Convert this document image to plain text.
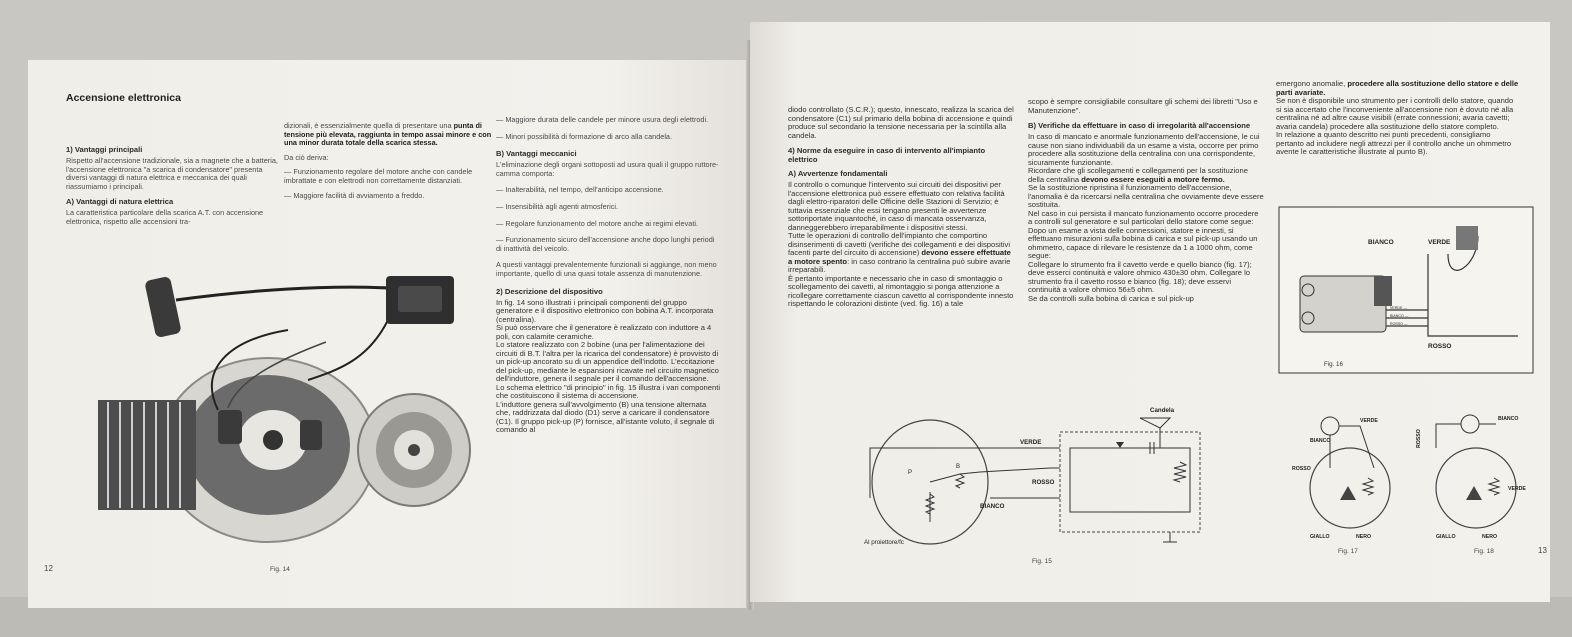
Accensione elettronica
1) Vantaggi principali
Rispetto all'accensione tradizionale, sia a magnete che a batteria, l'accensione elettronica "a scarica di condensatore" presenta diversi vantaggi di natura elettrica e meccanica dei quali riassumiamo i principali.
A) Vantaggi di natura elettrica
La caratteristica particolare della scarica A.T. con accensione elettronica, rispetto alle accensioni tra-
dizionali, è essenzialmente quella di presentare una punta di tensione più elevata, raggiunta in tempo assai minore e con una minor durata totale della scarica stessa.
Da ciò deriva:
— Funzionamento regolare del motore anche con candele imbrattate e con elettrodi non correttamente distanziati.
— Maggiore facilità di avviamento a freddo.
— Maggiore durata delle candele per minore usura degli elettrodi.
— Minori possibilità di formazione di arco alla candela.
B) Vantaggi meccanici
L'eliminazione degli organi sottoposti ad usura quali il gruppo ruttore-camma comporta:
— Inalterabilità, nel tempo, dell'anticipo accensione.
— Insensibilità agli agenti atmosferici.
— Regolare funzionamento del motore anche ai regimi elevati.
— Funzionamento sicuro dell'accensione anche dopo lunghi periodi di inattività del veicolo.
A questi vantaggi prevalentemente funzionali si aggiunge, non meno importante, quello di una quasi totale assenza di manutenzione.
2) Descrizione del dispositivo
In fig. 14 sono illustrati i principali componenti del gruppo generatore e il dispositivo elettronico con bobina A.T. incorporata (centralina).
Si può osservare che il generatore è realizzato con induttore a 4 poli, con calamite ceramiche.
Lo statore realizzato con 2 bobine (una per l'alimentazione dei circuiti di B.T. l'altra per la ricarica del condensatore) è provvisto di un pick-up ancorato su di un appendice dell'indotto. L'eccitazione del pick-up, mediante le espansioni ricavate nel circuito magnetico dell'induttore, genera il segnale per il comando dell'accensione.
Lo schema elettrico "di principio" in fig. 15 illustra i vari componenti che costituiscono il sistema di accensione.
L'induttore genera sull'avvolgimento (B) una tensione alternata che, raddrizzata dal diodo (D1) serve a caricare il condensatore (C1). Il gruppo pick-up (P) fornisce, all'istante voluto, il segnale di comando al
12	Fig. 14
diodo controllato (S.C.R.); questo, innescato, realizza la scarica del condensatore (C1) sul primario della bobina di accensione e quindi produce sul secondario la tensione necessaria per la scintilla alla candela.
4) Norme da eseguire in caso di intervento all'impianto elettrico
A) Avvertenze fondamentali
Il controllo o comunque l'intervento sui circuiti dei dispositivi per l'accensione elettronica può essere effettuato con relativa facilità dagli elettro-riparatori delle Officine delle Stazioni di Servizio; è tuttavia essenziale che essi tengano presenti le avvertenze sottoriportate inquantoché, in caso di mancata osservanza, danneggerebbero irreparabilmente i dispositivi stessi.
Tutte le operazioni di controllo dell'impianto che comportino disinserimenti di cavetti (verifiche dei collegamenti e dei dispositivi facenti parte del circuito di accensione) devono essere effettuate a motore spento: in caso contrario la centralina può subire avarie irreparabili.
È pertanto importante e necessario che in caso di smontaggio o scollegamento dei cavetti, al rimontaggio si ponga attenzione a ricollegare correttamente ciascun cavetto al corrispondente innesto rispettando le colorazioni distinte (ved. fig. 16) a tale
scopo è sempre consigliabile consultare gli schemi dei libretti "Uso e Manutenzione".
B) Verifiche da effettuare in caso di irregolarità all'accensione
In caso di mancato e anormale funzionamento dell'accensione, le cui cause non siano individuabili da un esame a vista, occorre per primo procedere alla sostituzione della centralina con una corrispondente, sicuramente funzionante.
Ricordare che gli scollegamenti e collegamenti per la sostituzione della centralina devono essere eseguiti a motore fermo.
Se la sostituzione ripristina il funzionamento dell'accensione, l'anomalia è da ricercarsi nella centralina che ovviamente deve essere sostituita.
Nel caso in cui persista il mancato funzionamento occorre procedere a controlli sul generatore e sul particolari dello statore come segue:
Dopo un esame a vista delle connessioni, statore e innesti, si effettuano misurazioni sulla bobina di carica e sul pick-up usando un ohmmetro, capace di rilevare le resistenze da 1 a 1000 ohm, come segue:
Collegare lo strumento fra il cavetto verde e quello bianco (fig. 17); deve esserci continuità e valore ohmico 430±30 ohm. Collegare lo strumento fra il cavetto rosso e bianco (fig. 18); deve esservi continuità a valore ohmico 56±5 ohm.
Se da controlli sulla bobina di carica e sul pick-up
emergono anomalie, procedere alla sostituzione dello statore e delle parti avariate.
Se non è disponibile uno strumento per i controlli dello statore, quando si sia accertato che l'inconveniente all'accensione non è dovuto né alla centralina né ad altre cause visibili (errate connessioni; avaria cavetti; avaria candela) procedere alla sostituzione dello statore completo.
In relazione a quanto descritto nei punti precedenti, consigliamo pertanto ad includere negli attrezzi per il controllo anche un ohmmetro avente le caratteristiche illustrate al punto B).
BIANCO	VERDE
ROSSO
VERDE —
BIANCO —
ROSSO —
Fig. 16
Candela
VERDE
ROSSO
BIANCO
Al proiettore/fc
P
B
Fig. 15
VERDE
BIANCO
ROSSO
GIALLO	NERO
Fig. 17
BIANCO
ROSSO
VERDE
GIALLO	NERO
Fig. 18	13
